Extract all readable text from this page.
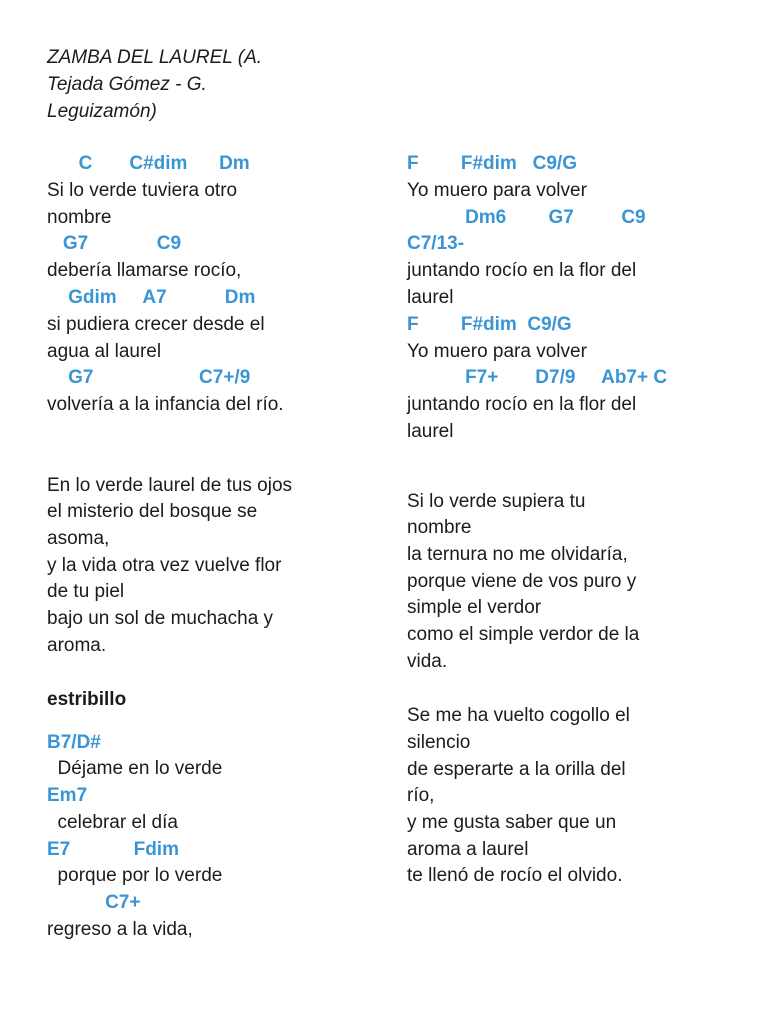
ZAMBA DEL LAUREL (A.
Tejada Gómez - G.
Leguizamón)
C       C#dim      Dm
Si lo verde tuviera otro
nombre
G7             C9
debería llamarse rocío,
Gdim     A7           Dm
si pudiera crecer desde el
agua al laurel
G7                    C7+/9
volvería a la infancia del río.
En lo verde laurel de tus ojos
el misterio del bosque se
asoma,
y la vida otra vez vuelve flor
de tu piel
bajo un sol de muchacha y
aroma.
estribillo
B7/D#
Déjame en lo verde
Em7
celebrar el día
E7            Fdim
porque por lo verde
C7+
regreso a la vida,
F        F#dim   C9/G
Yo muero para volver
Dm6        G7         C9
C7/13-
juntando rocío en la flor del
laurel
F        F#dim  C9/G
Yo muero para volver
F7+       D7/9     Ab7+ C
juntando rocío en la flor del
laurel
Si lo verde supiera tu
nombre
la ternura no me olvidaría,
porque viene de vos puro y
simple el verdor
como el simple verdor de la
vida.
Se me ha vuelto cogollo el
silencio
de esperarte a la orilla del
río,
y me gusta saber que un
aroma a laurel
te llenó de rocío el olvido.
